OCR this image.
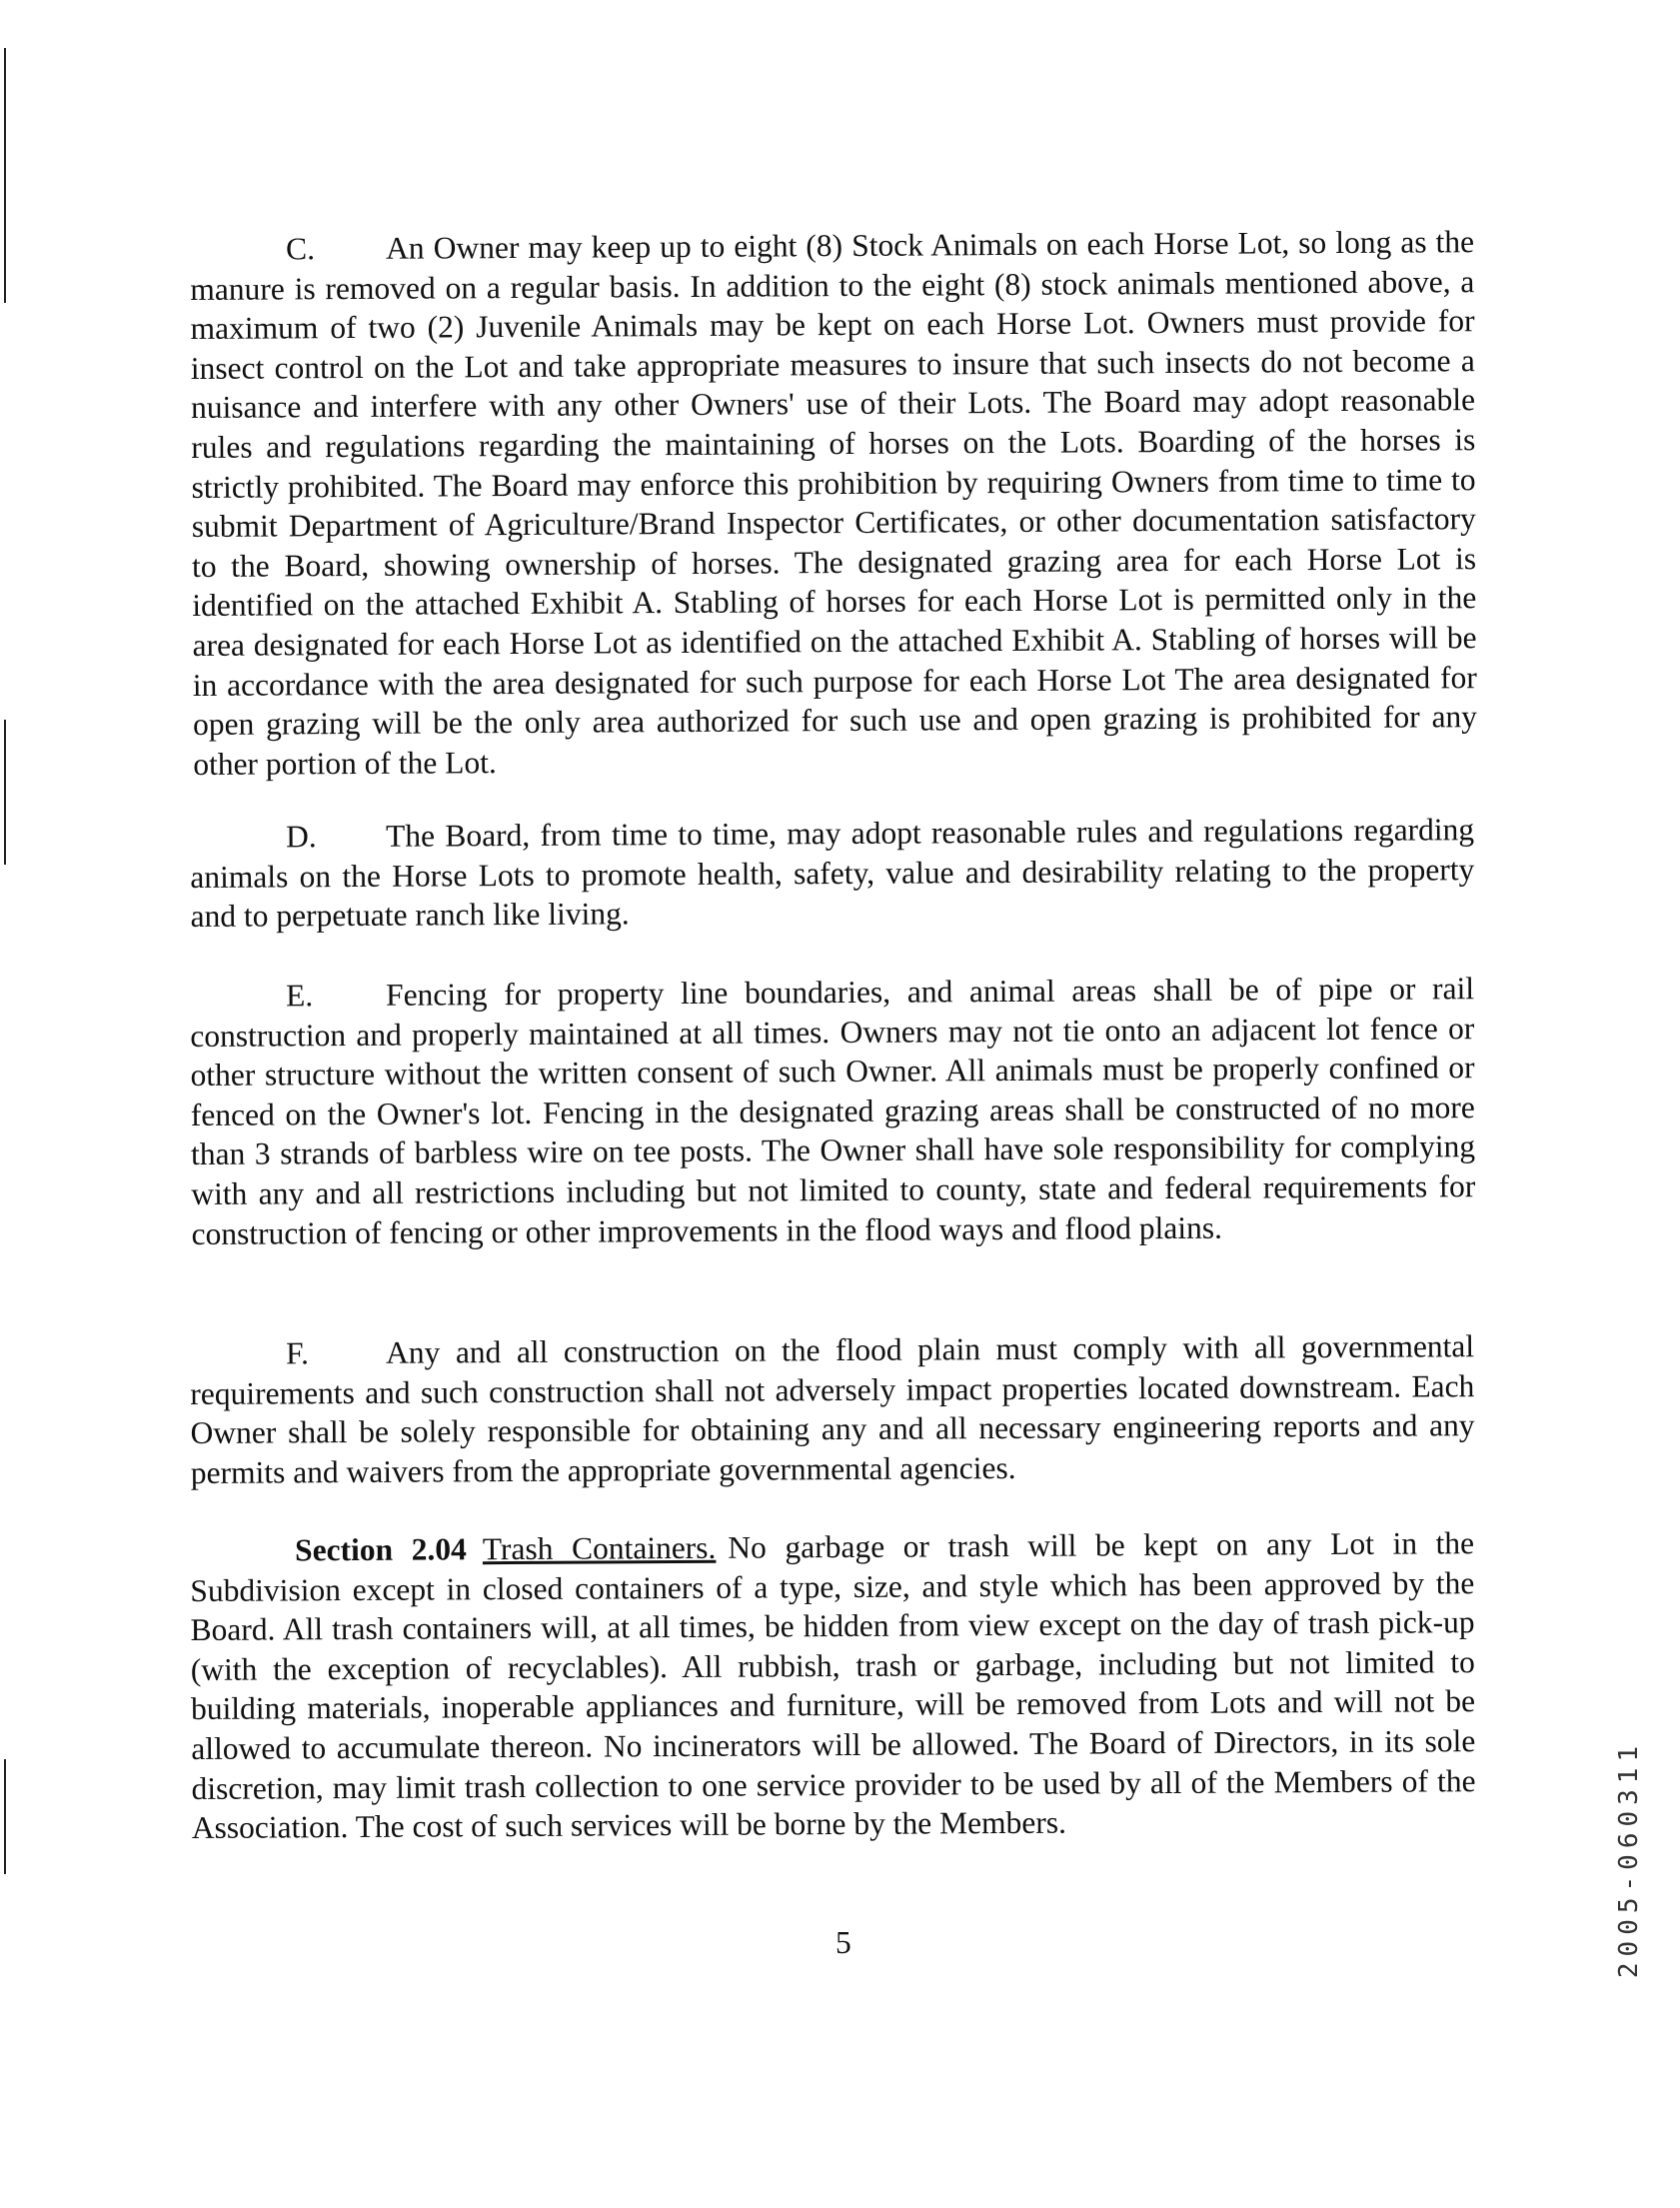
C. An Owner may keep up to eight (8) Stock Animals on each Horse Lot, so long as the manure is removed on a regular basis. In addition to the eight (8) stock animals mentioned above, a maximum of two (2) Juvenile Animals may be kept on each Horse Lot. Owners must provide for insect control on the Lot and take appropriate measures to insure that such insects do not become a nuisance and interfere with any other Owners' use of their Lots. The Board may adopt reasonable rules and regulations regarding the maintaining of horses on the Lots. Boarding of the horses is strictly prohibited. The Board may enforce this prohibition by requiring Owners from time to time to submit Department of Agriculture/Brand Inspector Certificates, or other documentation satisfactory to the Board, showing ownership of horses. The designated grazing area for each Horse Lot is identified on the attached Exhibit A. Stabling of horses for each Horse Lot is permitted only in the area designated for each Horse Lot as identified on the attached Exhibit A. Stabling of horses will be in accordance with the area designated for such purpose for each Horse Lot The area designated for open grazing will be the only area authorized for such use and open grazing is prohibited for any other portion of the Lot.

D. The Board, from time to time, may adopt reasonable rules and regulations regarding animals on the Horse Lots to promote health, safety, value and desirability relating to the property and to perpetuate ranch like living.

E. Fencing for property line boundaries, and animal areas shall be of pipe or rail construction and properly maintained at all times. Owners may not tie onto an adjacent lot fence or other structure without the written consent of such Owner. All animals must be properly confined or fenced on the Owner's lot. Fencing in the designated grazing areas shall be constructed of no more than 3 strands of barbless wire on tee posts. The Owner shall have sole responsibility for complying with any and all restrictions including but not limited to county, state and federal requirements for construction of fencing or other improvements in the flood ways and flood plains.

F. Any and all construction on the flood plain must comply with all governmental requirements and such construction shall not adversely impact properties located downstream. Each Owner shall be solely responsible for obtaining any and all necessary engineering reports and any permits and waivers from the appropriate governmental agencies.

Section 2.04 Trash Containers. No garbage or trash will be kept on any Lot in the Subdivision except in closed containers of a type, size, and style which has been approved by the Board. All trash containers will, at all times, be hidden from view except on the day of trash pick-up (with the exception of recyclables). All rubbish, trash or garbage, including but not limited to building materials, inoperable appliances and furniture, will be removed from Lots and will not be allowed to accumulate thereon. No incinerators will be allowed. The Board of Directors, in its sole discretion, may limit trash collection to one service provider to be used by all of the Members of the Association. The cost of such services will be borne by the Members.

5	2005-060311
